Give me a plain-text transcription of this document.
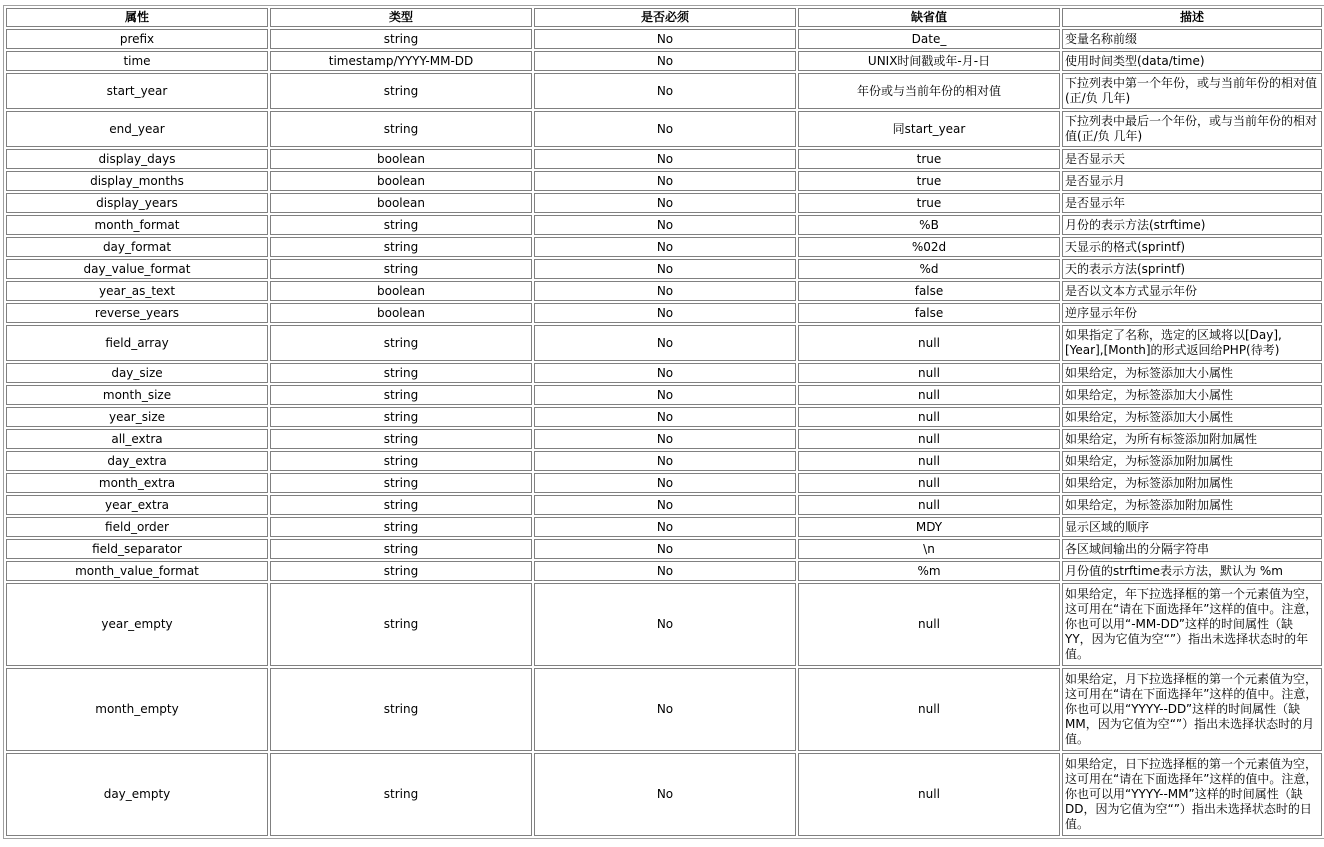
属性	类型	是否必须	缺省值	描述
prefix	string	No	Date_	变量名称前缀
time	timestamp/YYYY-MM-DD	No	UNIX时间戳或年-月-日	使用时间类型(data/time)
start_year	string	No	年份或与当前年份的相对值	下拉列表中第一个年份，或与当前年份的相对值(正/负 几年)
end_year	string	No	同start_year	下拉列表中最后一个年份，或与当前年份的相对值(正/负 几年)
display_days	boolean	No	true	是否显示天
display_months	boolean	No	true	是否显示月
display_years	boolean	No	true	是否显示年
month_format	string	No	%B	月份的表示方法(strftime)
day_format	string	No	%02d	天显示的格式(sprintf)
day_value_format	string	No	%d	天的表示方法(sprintf)
year_as_text	boolean	No	false	是否以文本方式显示年份
reverse_years	boolean	No	false	逆序显示年份
field_array	string	No	null	如果指定了名称，选定的区域将以[Day],[Year],[Month]的形式返回给PHP(待考)
day_size	string	No	null	如果给定，为标签添加大小属性
month_size	string	No	null	如果给定，为标签添加大小属性
year_size	string	No	null	如果给定，为标签添加大小属性
all_extra	string	No	null	如果给定，为所有标签添加附加属性
day_extra	string	No	null	如果给定，为标签添加附加属性
month_extra	string	No	null	如果给定，为标签添加附加属性
year_extra	string	No	null	如果给定，为标签添加附加属性
field_order	string	No	MDY	显示区域的顺序
field_separator	string	No	\n	各区域间输出的分隔字符串
month_value_format	string	No	%m	月份值的strftime表示方法，默认为 %m
year_empty	string	No	null	如果给定，年下拉选择框的第一个元素值为空，这可用在“请在下面选择年”这样的值中。注意，你也可以用“-MM-DD”这样的时间属性（缺YY，因为它值为空“”）指出未选择状态时的年值。
month_empty	string	No	null	如果给定，月下拉选择框的第一个元素值为空，这可用在“请在下面选择年”这样的值中。注意，你也可以用“YYYY--DD”这样的时间属性（缺MM，因为它值为空“”）指出未选择状态时的月值。
day_empty	string	No	null	如果给定，日下拉选择框的第一个元素值为空，这可用在“请在下面选择年”这样的值中。注意，你也可以用“YYYY--MM”这样的时间属性（缺DD，因为它值为空“”）指出未选择状态时的日值。
